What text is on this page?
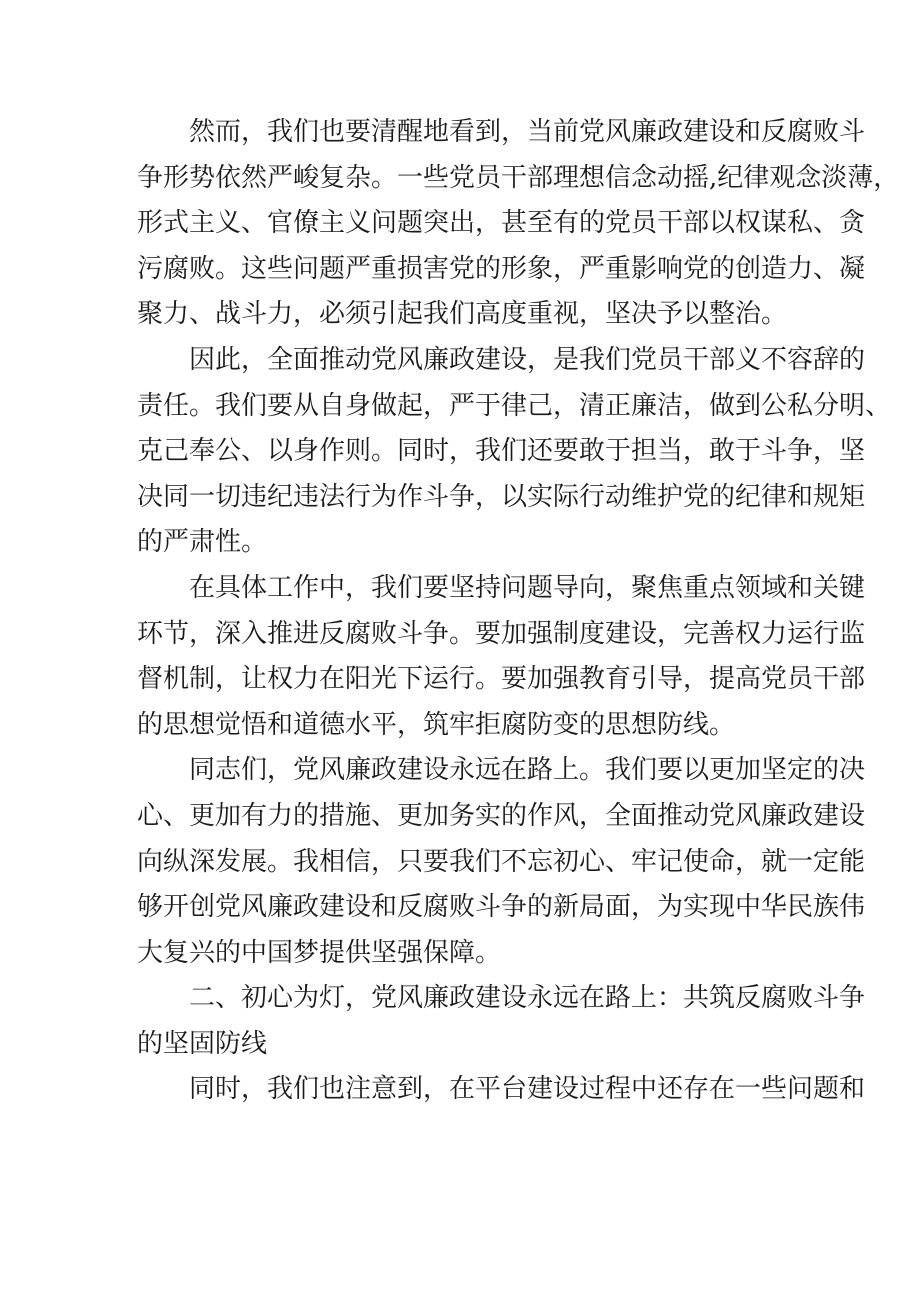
然而，我们也要清醒地看到，当前党风廉政建设和反腐败斗
争形势依然严峻复杂。一些党员干部理想信念动摇,纪律观念淡薄，
形式主义、官僚主义问题突出，甚至有的党员干部以权谋私、贪
污腐败。这些问题严重损害党的形象，严重影响党的创造力、凝
聚力、战斗力，必须引起我们高度重视，坚决予以整治。
因此，全面推动党风廉政建设，是我们党员干部义不容辞的
责任。我们要从自身做起，严于律己，清正廉洁，做到公私分明、
克己奉公、以身作则。同时，我们还要敢于担当，敢于斗争，坚
决同一切违纪违法行为作斗争，以实际行动维护党的纪律和规矩
的严肃性。
在具体工作中，我们要坚持问题导向，聚焦重点领域和关键
环节，深入推进反腐败斗争。要加强制度建设，完善权力运行监
督机制，让权力在阳光下运行。要加强教育引导，提高党员干部
的思想觉悟和道德水平，筑牢拒腐防变的思想防线。
同志们，党风廉政建设永远在路上。我们要以更加坚定的决
心、更加有力的措施、更加务实的作风，全面推动党风廉政建设
向纵深发展。我相信，只要我们不忘初心、牢记使命，就一定能
够开创党风廉政建设和反腐败斗争的新局面，为实现中华民族伟
大复兴的中国梦提供坚强保障。
二、初心为灯，党风廉政建设永远在路上：共筑反腐败斗争
的坚固防线
同时，我们也注意到，在平台建设过程中还存在一些问题和
